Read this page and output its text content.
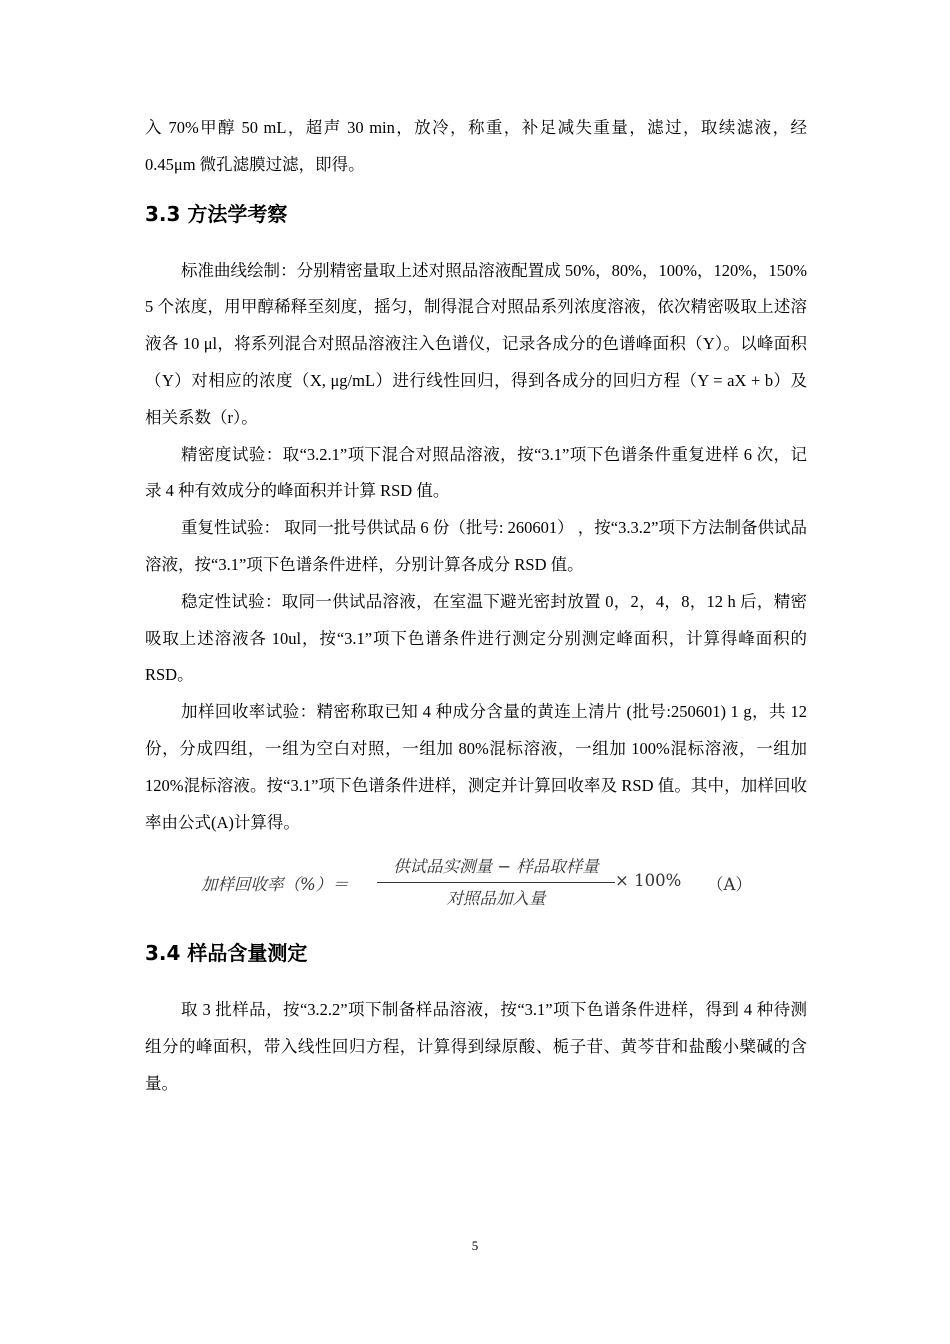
入 70%甲醇 50 mL，超声 30 min，放冷，称重，补足减失重量，滤过，取续滤液，经 0.45μm 微孔滤膜过滤，即得。

3.3 方法学考察

标准曲线绘制：分别精密量取上述对照品溶液配置成 50%，80%，100%，120%，150% 5 个浓度，用甲醇稀释至刻度，摇匀，制得混合对照品系列浓度溶液，依次精密吸取上述溶液各 10 μl，将系列混合对照品溶液注入色谱仪，记录各成分的色谱峰面积（Y）。以峰面积（Y）对相应的浓度（X, μg/mL）进行线性回归，得到各成分的回归方程（Y = aX + b）及相关系数（r）。

精密度试验：取“3.2.1”项下混合对照品溶液，按“3.1”项下色谱条件重复进样 6 次，记录 4 种有效成分的峰面积并计算 RSD 值。

重复性试验： 取同一批号供试品 6 份（批号: 260601） ，按“3.3.2”项下方法制备供试品溶液，按“3.1”项下色谱条件进样，分别计算各成分 RSD 值。

稳定性试验：取同一供试品溶液，在室温下避光密封放置 0，2，4，8，12 h 后，精密吸取上述溶液各 10ul，按“3.1”项下色谱条件进行测定分别测定峰面积，计算得峰面积的 RSD。

加样回收率试验：精密称取已知 4 种成分含量的黄连上清片 (批号:250601) 1 g，共 12 份，分成四组，一组为空白对照，一组加 80%混标溶液，一组加 100%混标溶液，一组加 120%混标溶液。按“3.1”项下色谱条件进样，测定并计算回收率及 RSD 值。其中，加样回收率由公式(A)计算得。

加样回收率（%）＝
供试品实测量 − 样品取样量
对照品加入量
× 100% （A）
3.4 样品含量测定

取 3 批样品，按“3.2.2”项下制备样品溶液，按“3.1”项下色谱条件进样，得到 4 种待测组分的峰面积，带入线性回归方程，计算得到绿原酸、栀子苷、黄芩苷和盐酸小檗碱的含量。

5
